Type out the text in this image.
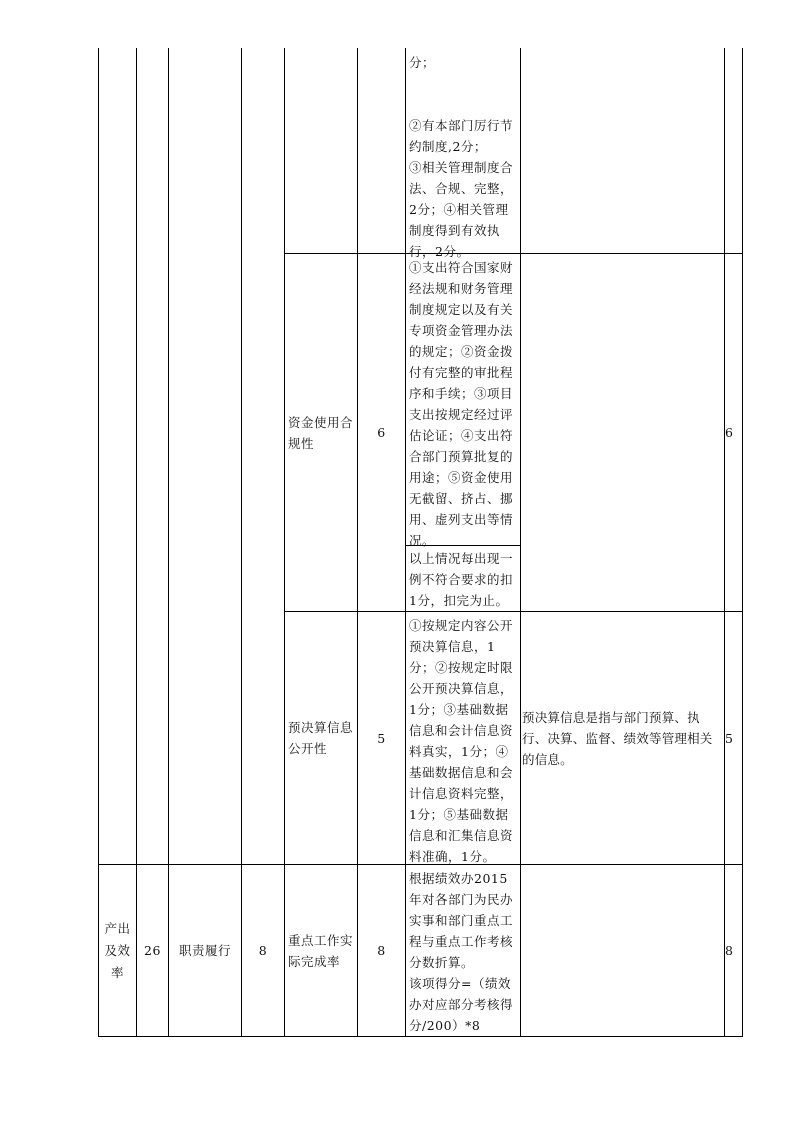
分；
②有本部门厉行节约制度,2分；
③相关管理制度合法、合规、完整，2分；④相关管理制度得到有效执行，2分。
资金使用合规性
6
①支出符合国家财经法规和财务管理制度规定以及有关专项资金管理办法的规定；②资金拨付有完整的审批程序和手续；③项目支出按规定经过评估论证；④支出符合部门预算批复的用途；⑤资金使用无截留、挤占、挪用、虚列支出等情况。
以上情况每出现一例不符合要求的扣1分，扣完为止。
6
预决算信息公开性
5
①按规定内容公开预决算信息，1分；②按规定时限公开预决算信息，1分；③基础数据信息和会计信息资料真实，1分；④基础数据信息和会计信息资料完整，1分；⑤基础数据信息和汇集信息资料准确，1分。
预决算信息是指与部门预算、执行、决算、监督、绩效等管理相关的信息。
5
产出及效率
26 职责履行 8
重点工作实际完成率
8
根据绩效办2015年对各部门为民办实事和部门重点工程与重点工作考核分数折算。
该项得分=（绩效办对应部分考核得分/200）*8
8
